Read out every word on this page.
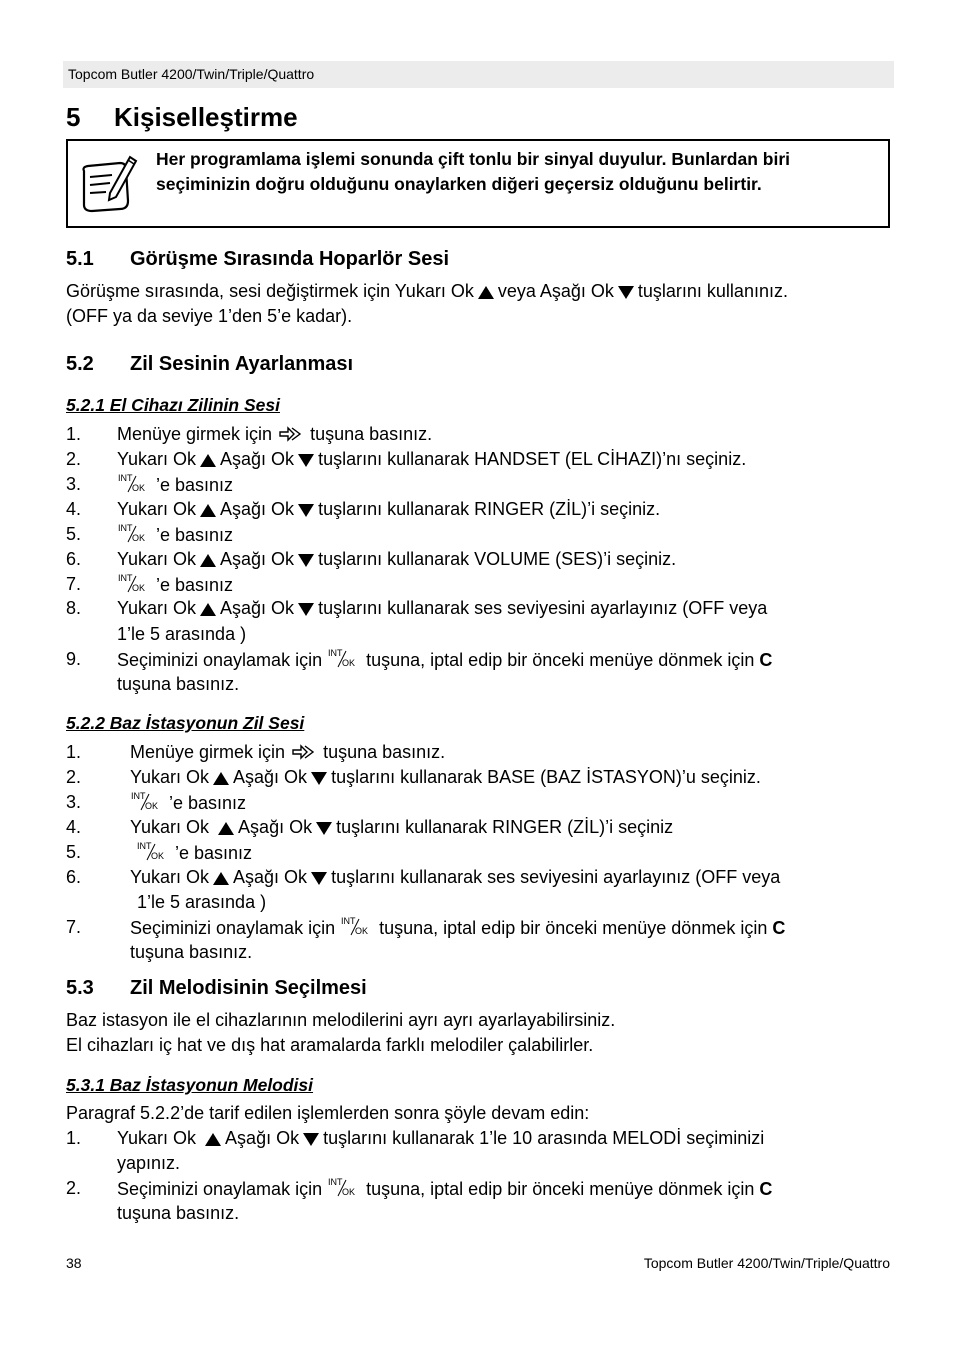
Topcom Butler 4200/Twin/Triple/Quattro
5 Kişiselleştirme
Her programlama işlemi sonunda çift tonlu bir sinyal duyulur. Bunlardan biri seçiminizin doğru olduğunu onaylarken diğeri geçersiz olduğunu belirtir.
5.1 Görüşme Sırasında Hoparlör Sesi
Görüşme sırasında, sesi değiştirmek için Yukarı Ok veya Aşağı Ok tuşlarını kullanınız.
(OFF ya da seviye 1’den 5’e kadar).
5.2 Zil Sesinin Ayarlanması
5.2.1 El Cihazı Zilinin Sesi
1. Menüye girmek için tuşuna basınız.
2. Yukarı Ok Aşağı Ok tuşlarını kullanarak HANDSET (EL CİHAZI)’nı seçiniz.
3.	INT
OK ’e basınız
4. Yukarı Ok Aşağı Ok tuşlarını kullanarak RINGER (ZİL)’i seçiniz.
5.	INT
OK ’e basınız
6. Yukarı Ok Aşağı Ok tuşlarını kullanarak VOLUME (SES)’i seçiniz.
7.	INT
OK ’e basınız
8. Yukarı Ok Aşağı Ok tuşlarını kullanarak ses seviyesini ayarlayınız (OFF veya
1’le 5 arasında )
9. Seçiminizi onaylamak için INT
OK tuşuna, iptal edip bir önceki menüye dönmek için C
tuşuna basınız.
5.2.2 Baz İstasyonun Zil Sesi
1.	Menüye girmek için tuşuna basınız.
2.	Yukarı Ok Aşağı Ok tuşlarını kullanarak BASE (BAZ İSTASYON)’u seçiniz.
3.	INT
OK ’e basınız
4.	Yukarı Ok Aşağı Ok tuşlarını kullanarak RINGER (ZİL)’i seçiniz
5.	INT
OK ’e basınız
6.	Yukarı Ok Aşağı Ok tuşlarını kullanarak ses seviyesini ayarlayınız (OFF veya
1’le 5 arasında )
7.	Seçiminizi onaylamak için INT
OK tuşuna, iptal edip bir önceki menüye dönmek için C
tuşuna basınız.
5.3 Zil Melodisinin Seçilmesi
Baz istasyon ile el cihazlarının melodilerini ayrı ayrı ayarlayabilirsiniz.
El cihazları iç hat ve dış hat aramalarda farklı melodiler çalabilirler.
5.3.1 Baz İstasyonun Melodisi
Paragraf 5.2.2’de tarif edilen işlemlerden sonra şöyle devam edin:
1. Yukarı Ok Aşağı Ok tuşlarını kullanarak 1’le 10 arasında MELODİ seçiminizi
yapınız.
2. Seçiminizi onaylamak için INT
OK tuşuna, iptal edip bir önceki menüye dönmek için C
tuşuna basınız.
38	Topcom Butler 4200/Twin/Triple/Quattro
